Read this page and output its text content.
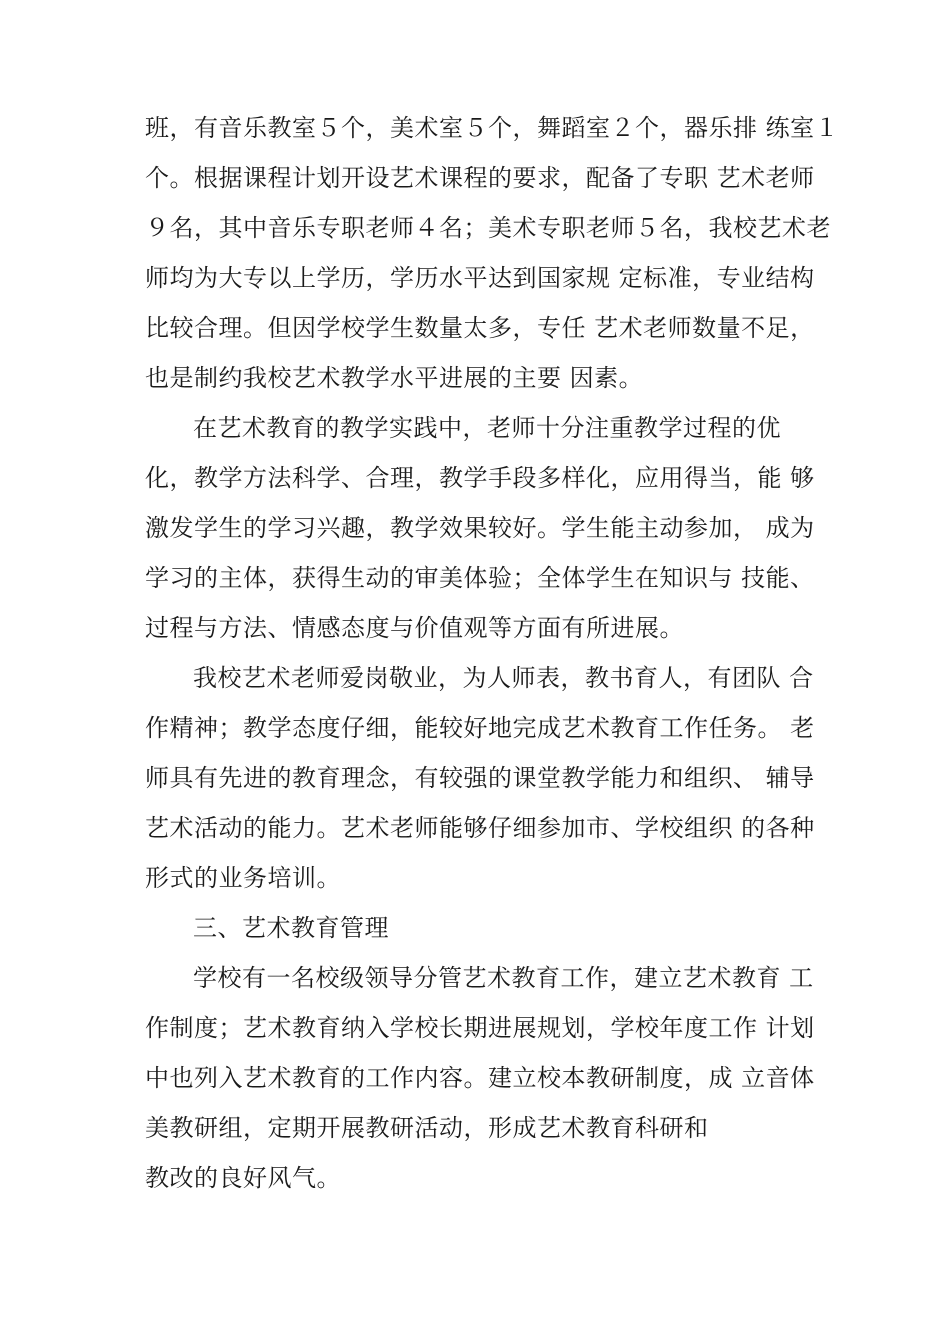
班，有音乐教室５个，美术室５个，舞蹈室２个，器乐排 练室１
个。根据课程计划开设艺术课程的要求，配备了专职 艺术老师
９名，其中音乐专职老师４名；美术专职老师５名，我校艺术老
师均为大专以上学历，学历水平达到国家规 定标准，专业结构
比较合理。但因学校学生数量太多，专任 艺术老师数量不足，
也是制约我校艺术教学水平进展的主要 因素。
在艺术教育的教学实践中，老师十分注重教学过程的优
化，教学方法科学、合理，教学手段多样化，应用得当，能 够
激发学生的学习兴趣，教学效果较好。学生能主动参加， 成为
学习的主体，获得生动的审美体验；全体学生在知识与 技能、
过程与方法、情感态度与价值观等方面有所进展。
我校艺术老师爱岗敬业，为人师表，教书育人，有团队 合
作精神；教学态度仔细，能较好地完成艺术教育工作任务。 老
师具有先进的教育理念，有较强的课堂教学能力和组织、 辅导
艺术活动的能力。艺术老师能够仔细参加市、学校组织 的各种
形式的业务培训。
三、艺术教育管理
学校有一名校级领导分管艺术教育工作，建立艺术教育 工
作制度；艺术教育纳入学校长期进展规划，学校年度工作 计划
中也列入艺术教育的工作内容。建立校本教研制度，成 立音体
美教研组，定期开展教研活动，形成艺术教育科研和
教改的良好风气。
